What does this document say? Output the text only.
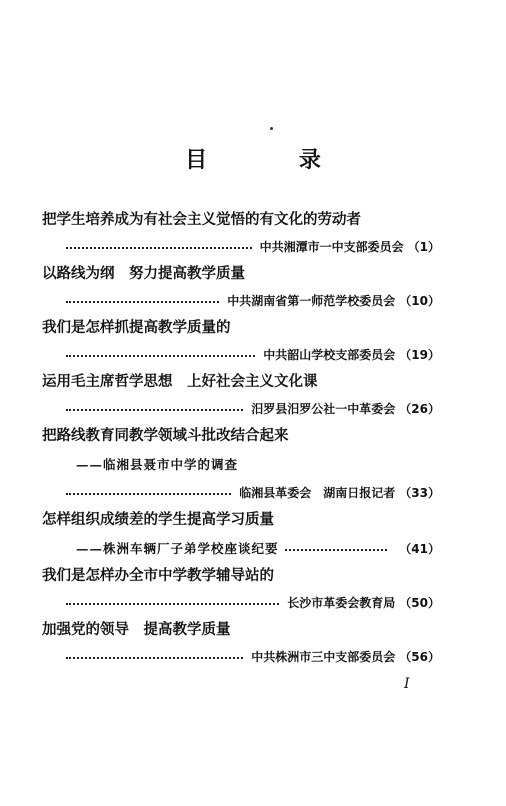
目 录
把学生培养成为有社会主义觉悟的有文化的劳动者
中共湘潭市一中支部委员会 （1）
以路线为纲　努力提高教学质量
中共湖南省第一师范学校委员会 （10）
我们是怎样抓提高教学质量的
中共韶山学校支部委员会 （19）
运用毛主席哲学思想　上好社会主义文化课
汨罗县汨罗公社一中革委会 （26）
把路线教育同教学领域斗批改结合起来
——临湘县聂市中学的调查
临湘县革委会　湖南日报记者 （33）
怎样组织成绩差的学生提高学习质量
——株洲车辆厂子弟学校座谈纪要	（41）
我们是怎样办全市中学教学辅导站的
长沙市革委会教育局 （50）
加强党的领导　提高教学质量
中共株洲市三中支部委员会 （56）
I
